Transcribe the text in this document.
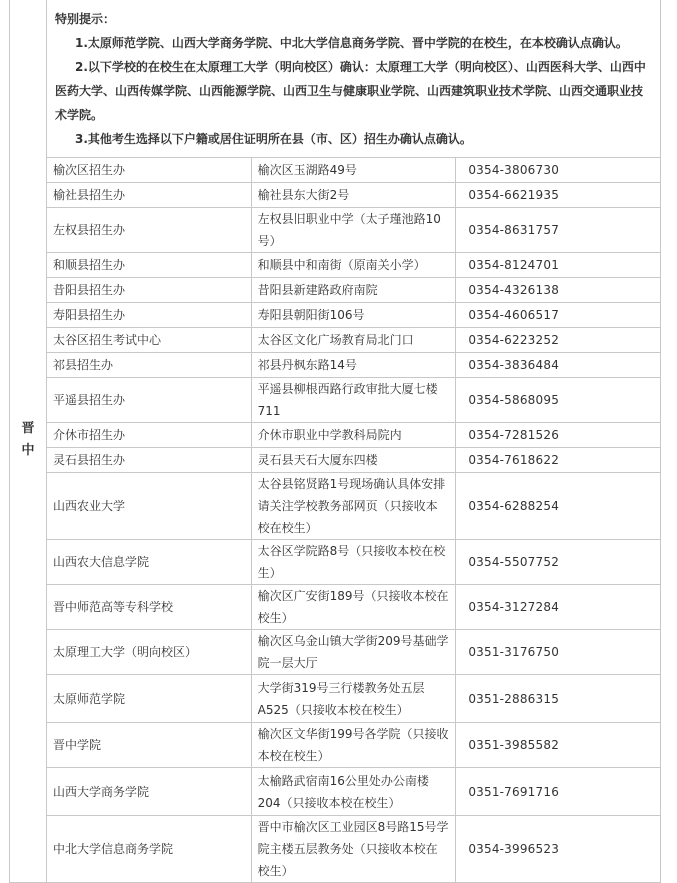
晋中	特别提示：
1.太原师范学院、山西大学商务学院、中北大学信息商务学院、晋中学院的在校生，在本校确认点确认。
2.以下学校的在校生在太原理工大学（明向校区）确认：太原理工大学（明向校区）、山西医科大学、山西中医药大学、山西传媒学院、山西能源学院、山西卫生与健康职业学院、山西建筑职业技术学院、山西交通职业技术学院。
3.其他考生选择以下户籍或居住证明所在县（市、区）招生办确认点确认。		

	榆次区招生办	榆次区玉湖路49号	0354-3806730
	榆社县招生办	榆社县东大街2号	0354-6621935
	左权县招生办	左权县旧职业中学（太子瑾池路10号）	0354-8631757
	和顺县招生办	和顺县中和南街（原南关小学）	0354-8124701
	昔阳县招生办	昔阳县新建路政府南院	0354-4326138
	寿阳县招生办	寿阳县朝阳街106号	0354-4606517
	太谷区招生考试中心	太谷区文化广场教育局北门口	0354-6223252
	祁县招生办	祁县丹枫东路14号	0354-3836484
	平遥县招生办	平遥县柳根西路行政审批大厦七楼711	0354-5868095
	介休市招生办	介休市职业中学教科局院内	0354-7281526
	灵石县招生办	灵石县天石大厦东四楼	0354-7618622
	山西农业大学	太谷县铭贤路1号现场确认具体安排请关注学校教务部网页（只接收本校在校生）	0354-6288254
	山西农大信息学院	太谷区学院路8号（只接收本校在校生）	0354-5507752
	晋中师范高等专科学校	榆次区广安街189号（只接收本校在校生）	0354-3127284
	太原理工大学（明向校区）	榆次区乌金山镇大学街209号基础学院一层大厅	0351-3176750
	太原师范学院	大学街319号三行楼教务处五层A525（只接收本校在校生）	0351-2886315
	晋中学院	榆次区文华街199号各学院（只接收本校在校生）	0351-3985582
	山西大学商务学院	太榆路武宿南16公里处办公南楼204（只接收本校在校生）	0351-7691716
	中北大学信息商务学院	晋中市榆次区工业园区8号路15号学院主楼五层教务处（只接收本校在校生）	0354-3996523
